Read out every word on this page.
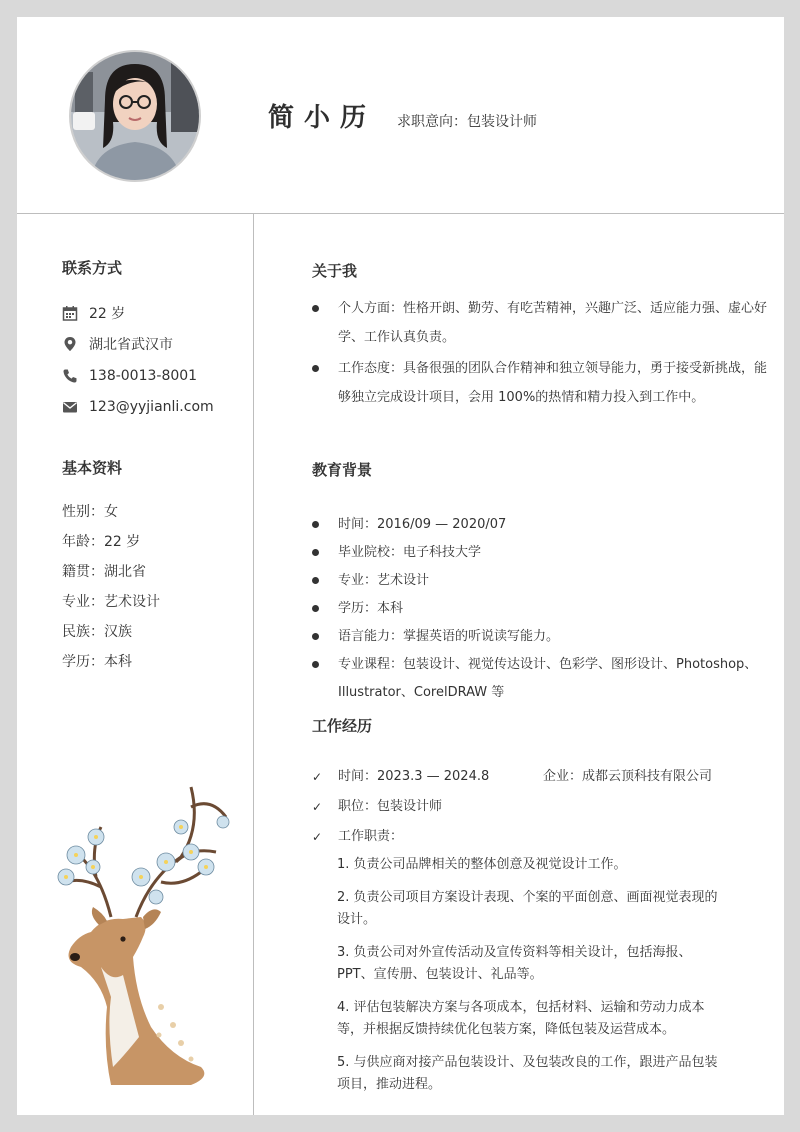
简小历 求职意向：包装设计师
联系方式
22 岁
湖北省武汉市
138-0013-8001
123@yyjianli.com
基本资料
性别：女
年龄：22 岁
籍贯：湖北省
专业：艺术设计
民族：汉族
学历：本科
关于我
个人方面：性格开朗、勤劳、有吃苦精神，兴趣广泛、适应能力强、虚心好学、工作认真负责。
工作态度：具备很强的团队合作精神和独立领导能力，勇于接受新挑战，能够独立完成设计项目，会用 100%的热情和精力投入到工作中。
教育背景
时间：2016/09 — 2020/07
毕业院校：电子科技大学
专业：艺术设计
学历：本科
语言能力：掌握英语的听说读写能力。
专业课程：包装设计、视觉传达设计、色彩学、图形设计、Photoshop、Illustrator、CorelDRAW 等
工作经历
✓ 时间：2023.3 — 2024.8	企业：成都云顶科技有限公司
✓ 职位：包装设计师
✓ 工作职责：
1. 负责公司品牌相关的整体创意及视觉设计工作。
2. 负责公司项目方案设计表现、个案的平面创意、画面视觉表现的设计。
3. 负责公司对外宣传活动及宣传资料等相关设计，包括海报、PPT、宣传册、包装设计、礼品等。
4. 评估包装解决方案与各项成本，包括材料、运输和劳动力成本等，并根据反馈持续优化包装方案，降低包装及运营成本。
5. 与供应商对接产品包装设计、及包装改良的工作，跟进产品包装项目，推动进程。
